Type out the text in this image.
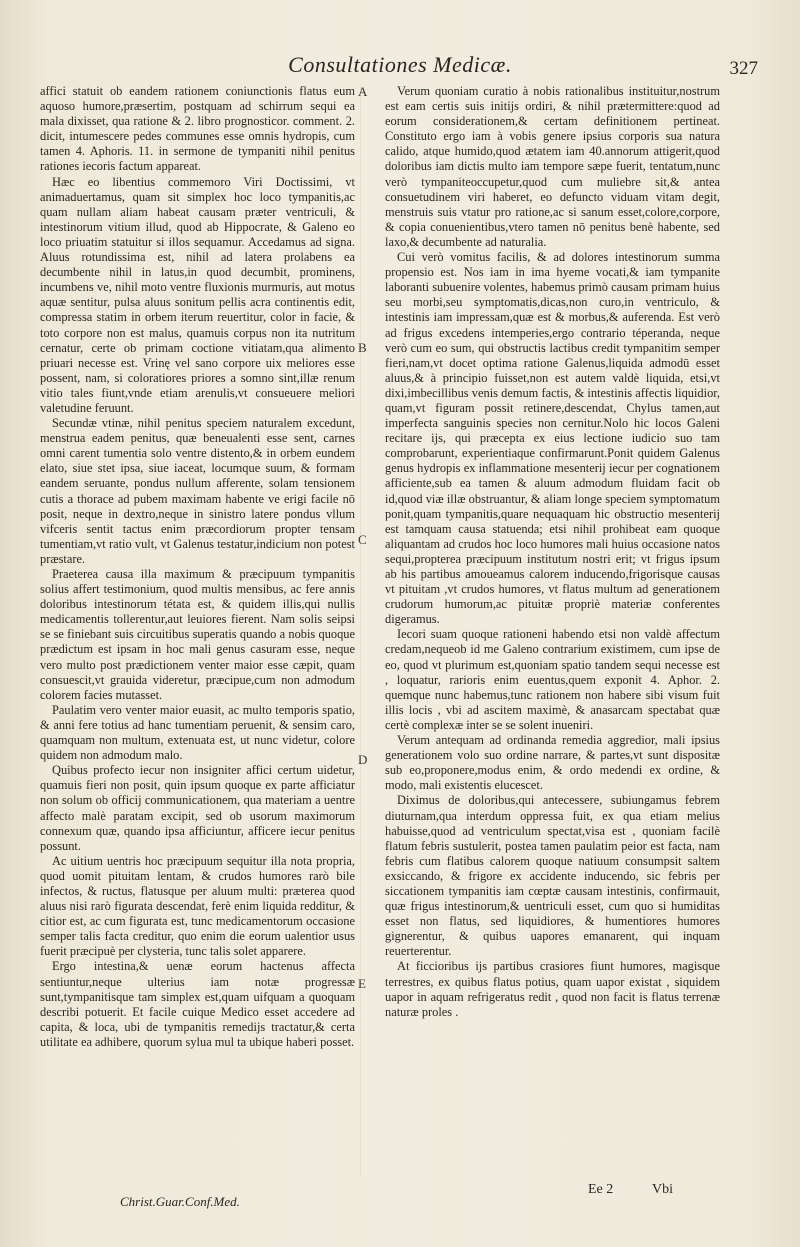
Consultationes Medicæ.	327

affici statuit ob eandem rationem coniunctionis flatus eum aquoso humore,præsertim, postquam ad schirrum sequi ea mala dixisset, qua ratione & 2. libro prognosticor. comment. 2. dicit, intumescere pedes communes esse omnis hydropis, cum tamen 4. Aphoris. 11. in sermone de tympaniti nihil penitus rationes iecoris factum appareat.

Hæc eo libentius commemoro Viri Doctissimi, vt animaduertamus, quam sit simplex hoc loco tympanitis,ac quam nullam aliam habeat causam præter ventriculi, & intestinorum vitium illud, quod ab Hippocrate, & Galeno eo loco priuatim statuitur si illos sequamur. Accedamus ad signa. Aluus rotundissima est, nihil ad latera prolabens ea decumbente nihil in latus,in quod decumbit, prominens, incumbens ve, nihil moto ventre fluxionis murmuris, aut motus aquæ sentitur, pulsa aluus sonitum pellis acra continentis edit, compressa statim in orbem iterum reuertitur, color in facie, & toto corpore non est malus, quamuis corpus non ita nutritum cernatur, certe ob primam coctione vitiatam,qua alimento priuari necesse est. Vrinę vel sano corpore uix meliores esse possent, nam, si coloratiores priores a somno sint,illæ renum vitio tales fiunt,vnde etiam arenulis,vt consueuere meliori valetudine feruunt.

Secundæ vtinæ, nihil penitus speciem naturalem excedunt, menstrua eadem penitus, quæ beneualenti esse sent, carnes omni carent tumentia solo ventre distento,& in orbem eundem elato, siue stet ipsa, siue iaceat, locumque suum, & formam eandem seruante, pondus nullum afferente, solam tensionem cutis a thorace ad pubem maximam habente ve erigi facile nō posit, neque in dextro,neque in sinistro latere pondus vllum vifceris sentit tactus enim præcordiorum propter tensam tumentiam,vt ratio vult, vt Galenus testatur,indicium non potest præstare.

Praeterea causa illa maximum & præcipuum tympanitis solius affert testimonium, quod multis mensibus, ac fere annis doloribus intestinorum tétata est, & quidem illis,qui nullis medicamentis tollerentur,aut leuiores fierent. Nam solis seipsi se se finiebant suis circuitibus superatis quando a nobis quoque prædictum est ipsam in hoc mali genus casuram esse, neque vero multo post prædictionem venter maior esse cæpit, quam consuescit,vt grauida videretur, præcipue,cum non admodum colorem facies mutasset.

Paulatim vero venter maior euasit, ac multo temporis spatio, & anni fere totius ad hanc tumentiam peruenit, & sensim caro, quamquam non multum, extenuata est, ut nunc videtur, colore quidem non admodum malo.

Quibus profecto iecur non insigniter affici certum uidetur, quamuis fieri non posit, quin ipsum quoque ex parte afficiatur non solum ob officij communicationem, qua materiam a uentre affecto malè paratam excipit, sed ob usorum maximorum connexum quæ, quando ipsa afficiuntur, afficere iecur penitus possunt.

Ac uitium uentris hoc præcipuum sequitur illa nota propria, quod uomit pituitam lentam, & crudos humores rarò bile infectos, & ructus, flatusque per aluum multi: præterea quod aluus nisi rarò figurata descendat, ferè enim liquida redditur, & citior est, ac cum figurata est, tunc medicamentorum occasione semper talis facta creditur, quo enim die eorum ualentior usus fuerit præcipuè per clysteria, tunc talis solet apparere.

Ergo intestina,& uenæ eorum hactenus affecta sentiuntur,neque ulterius iam notæ progressæ sunt,tympanitisque tam simplex est,quam uifquam a quoquam describi potuerit. Et facile cuique Medico esset accedere ad capita, & loca, ubi de tympanitis remedijs tractatur,& certa utilitate ea adhibere, quorum sylua mul ta ubique haberi posset.

A
B
C
D
E

Verum quoniam curatio à nobis rationalibus instituitur,nostrum est eam certis suis initijs ordiri, & nihil prætermittere:quod ad eorum considerationem,& certam definitionem pertineat. Constituto ergo iam à vobis genere ipsius corporis sua natura calido, atque humido,quod ætatem iam 40.annorum attigerit,quod doloribus iam dictis multo iam tempore sæpe fuerit, tentatum,nunc verò tympaniteoccupetur,quod cum muliebre sit,& antea consuetudinem viri haberet, eo defuncto viduam vitam degit, menstruis suis vtatur pro ratione,ac si sanum esset,colore,corpore, & copia conuenientibus,vtero tamen nō penitus benè habente, sed laxo,& decumbente ad naturalia.

Cui verò vomitus facilis, & ad dolores intestinorum summa propensio est. Nos iam in ima hyeme vocati,& iam tympanite laboranti subuenire volentes, habemus primò causam primam huius seu morbi,seu symptomatis,dicas,non curo,in ventriculo, & intestinis iam impressam,quæ est & morbus,& auferenda. Est verò ad frigus excedens intemperies,ergo contrario téperanda, neque verò cum eo sum, qui obstructis lactibus credit tympanitim semper fieri,nam,vt docet optima ratione Galenus,liquida admodū esset aluus,& à principio fuisset,non est autem valdè liquida, etsi,vt dixi,imbecillibus venis demum factis, & intestinis affectis liquidior, quam,vt figuram possit retinere,descendat, Chylus tamen,aut imperfecta sanguinis species non cernitur.Nolo hic locos Galeni recitare ijs, qui præcepta ex eius lectione iudicio suo tam comprobarunt, experientiaque confirmarunt.Ponit quidem Galenus genus hydropis ex inflammatione mesenterij iecur per cognationem afficiente,sub ea tamen & aluum admodum fluidam facit ob id,quod viæ illæ obstruantur, & aliam longe speciem symptomatum ponit,quam tympanitis,quare nequaquam hic obstructio mesenterij est tamquam causa statuenda; etsi nihil prohibeat eam quoque aliquantam ad crudos hoc loco humores mali huius occasione natos sequi,propterea præcipuum institutum nostri erit; vt frigus ipsum ab his partibus amoueamus calorem inducendo,frigorisque causas vt pituitam ,vt crudos humores, vt flatus multum ad generationem crudorum humorum,ac pituitæ propriè materiæ conferentes digeramus.

Iecori suam quoque rationeni habendo etsi non valdè affectum credam,nequeob id me Galeno contrarium existimem, cum ipse de eo, quod vt plurimum est,quoniam spatio tandem sequi necesse est , loquatur, rarioris enim euentus,quem exponit 4. Aphor. 2. quemque nunc habemus,tunc rationem non habere sibi visum fuit illis locis , vbi ad ascitem maximè, & anasarcam spectabat quæ certè complexæ inter se se solent inueniri.

Verum antequam ad ordinanda remedia aggredior, mali ipsius generationem volo suo ordine narrare, & partes,vt sunt dispositæ sub eo,proponere,modus enim, & ordo medendi ex ordine, & modo, mali existentis elucescet.

Diximus de doloribus,qui antecessere, subiungamus febrem diuturnam,qua interdum oppressa fuit, ex qua etiam melius habuisse,quod ad ventriculum spectat,visa est , quoniam facilè flatum febris sustulerit, postea tamen paulatim peior est facta, nam febris cum flatibus calorem quoque natiuum consumpsit saltem exsiccando, & frigore ex accidente inducendo, sic febris per siccationem tympanitis iam cœptæ causam intestinis, confirmauit, quæ frigus intestinorum,& uentriculi esset, cum quo si humiditas esset non flatus, sed liquidiores, & humentiores humores gignerentur, & quibus uapores emanarent, qui inquam reuerterentur.

At ficcioribus ijs partibus crasiores fiunt humores, magisque terrestres, ex quibus flatus potius, quam uapor existat , siquidem uapor in aquam refrigeratus redit , quod non facit is flatus terrenæ naturæ proles .

Christ.Guar.Conf.Med.
Ee 2	Vbi
